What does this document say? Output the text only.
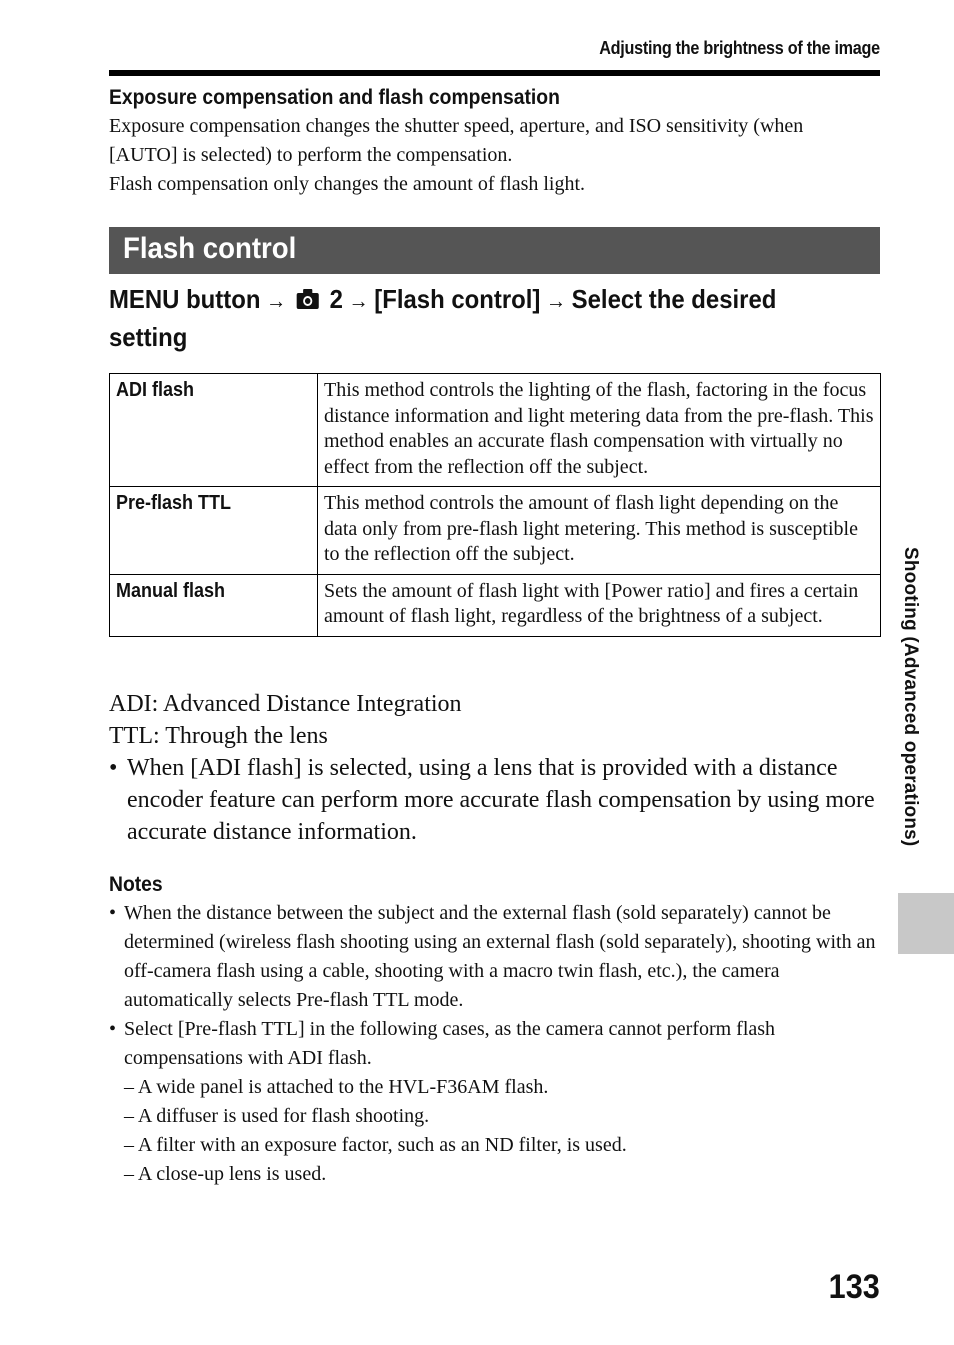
Adjusting the brightness of the image
Exposure compensation and flash compensation

Exposure compensation changes the shutter speed, aperture, and ISO sensitivity (when

[AUTO] is selected) to perform the compensation.

Flash compensation only changes the amount of flash light.

Flash control
MENU button → 2 → [Flash control] → Select the desired
setting
ADI flash	This method controls the lighting of the flash, factoring in the focus distance information and light metering data from the pre-flash. This method enables an accurate flash compensation with virtually no effect from the reflection off the subject.
Pre-flash TTL	This method controls the amount of flash light depending on the data only from pre-flash light metering. This method is susceptible to the reflection off the subject.
Manual flash	Sets the amount of flash light with [Power ratio] and fires a certain amount of flash light, regardless of the brightness of a subject.

ADI: Advanced Distance Integration

TTL: Through the lens

• When [ADI flash] is selected, using a lens that is provided with a distance encoder feature can perform more accurate flash compensation by using more accurate distance information.
Notes
• When the distance between the subject and the external flash (sold separately) cannot be determined (wireless flash shooting using an external flash (sold separately), shooting with an off-camera flash using a cable, shooting with a macro twin flash, etc.), the camera automatically selects Pre-flash TTL mode.
• Select [Pre-flash TTL] in the following cases, as the camera cannot perform flash compensations with ADI flash.
– A wide panel is attached to the HVL-F36AM flash.
– A diffuser is used for flash shooting.
– A filter with an exposure factor, such as an ND filter, is used.
– A close-up lens is used.
Shooting (Advanced operations)
133
